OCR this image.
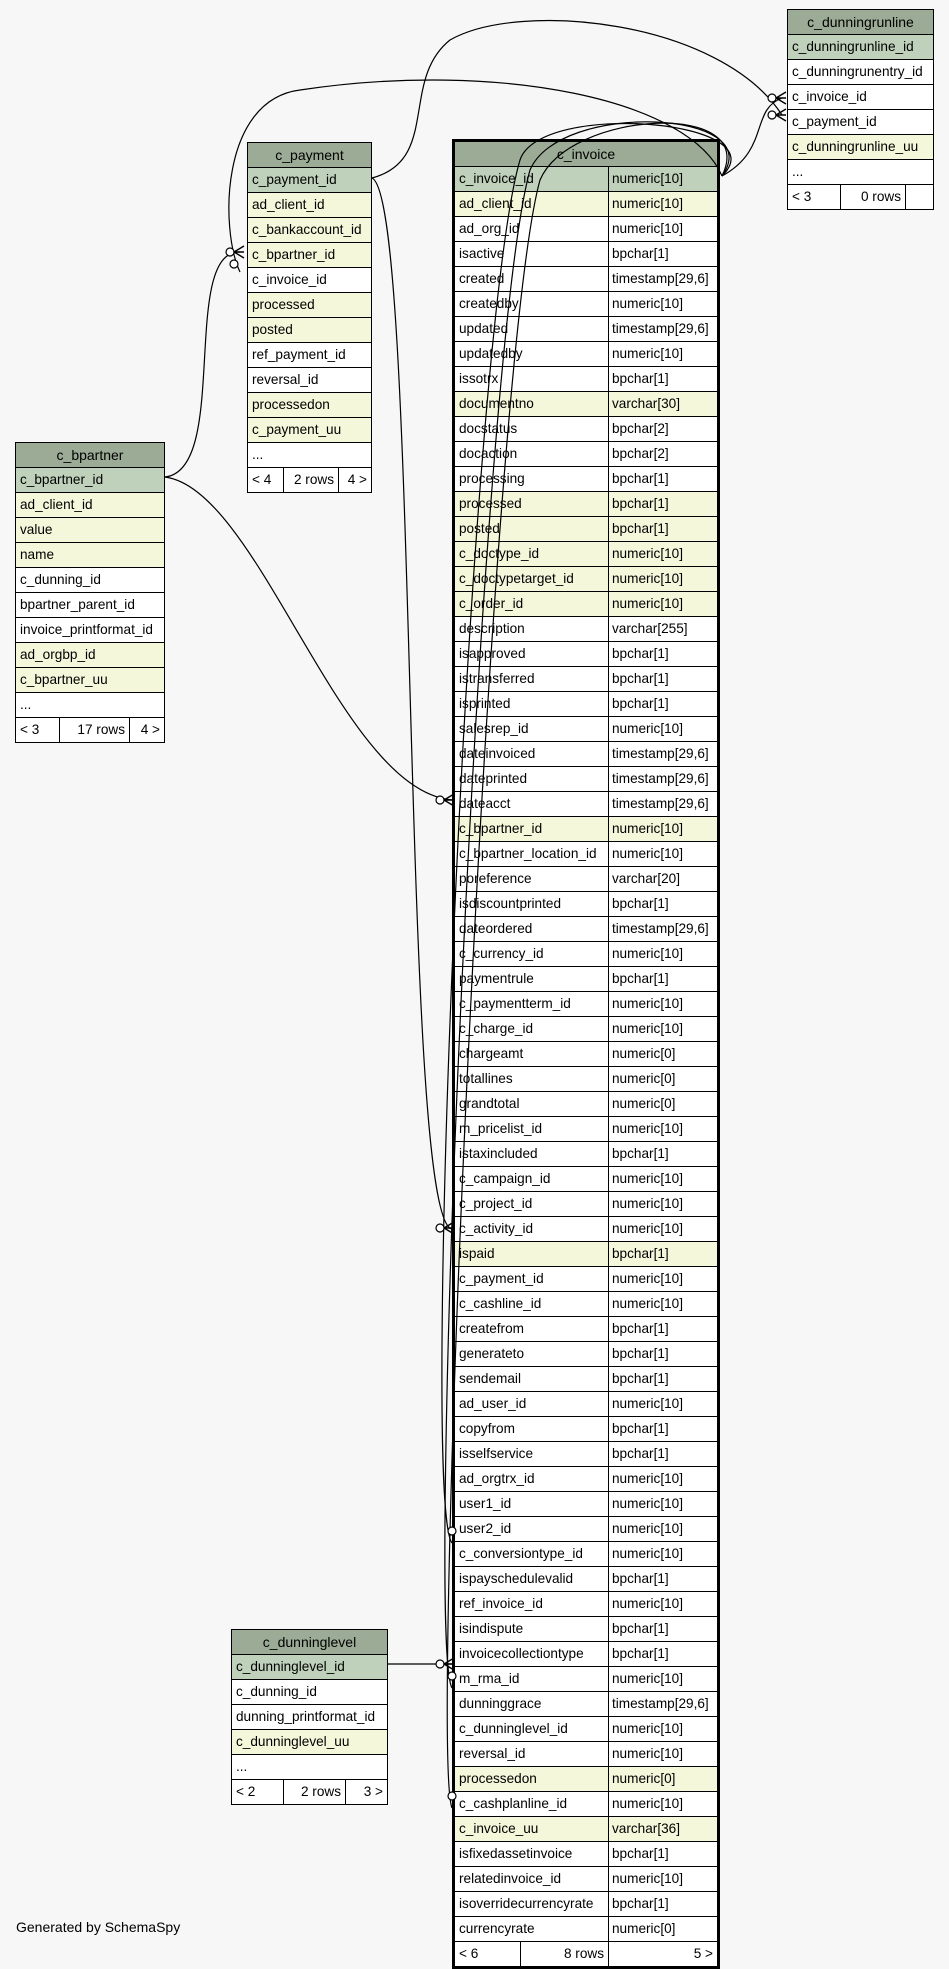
c_dunningrunline
c_dunningrunline_id
c_dunningrunentry_id
c_invoice_id
c_payment_id
c_dunningrunline_uu
...
< 3	0 rows
c_payment
c_payment_id
ad_client_id
c_bankaccount_id
c_bpartner_id
c_invoice_id
processed
posted
ref_payment_id
reversal_id
processedon
c_payment_uu
...
< 4	2 rows	4 >
c_bpartner
c_bpartner_id
ad_client_id
value
name
c_dunning_id
bpartner_parent_id
invoice_printformat_id
ad_orgbp_id
c_bpartner_uu
...
< 3	17 rows	4 >
c_dunninglevel
c_dunninglevel_id
c_dunning_id
dunning_printformat_id
c_dunninglevel_uu
...
< 2	2 rows	3 >
c_invoice
c_invoice_id	numeric[10]
ad_client_id	numeric[10]
ad_org_id	numeric[10]
isactive	bpchar[1]
created	timestamp[29,6]
createdby	numeric[10]
updated	timestamp[29,6]
updatedby	numeric[10]
issotrx	bpchar[1]
documentno	varchar[30]
docstatus	bpchar[2]
docaction	bpchar[2]
processing	bpchar[1]
processed	bpchar[1]
posted	bpchar[1]
c_doctype_id	numeric[10]
c_doctypetarget_id	numeric[10]
c_order_id	numeric[10]
description	varchar[255]
isapproved	bpchar[1]
istransferred	bpchar[1]
isprinted	bpchar[1]
salesrep_id	numeric[10]
dateinvoiced	timestamp[29,6]
dateprinted	timestamp[29,6]
dateacct	timestamp[29,6]
c_bpartner_id	numeric[10]
c_bpartner_location_id	numeric[10]
poreference	varchar[20]
isdiscountprinted	bpchar[1]
dateordered	timestamp[29,6]
c_currency_id	numeric[10]
paymentrule	bpchar[1]
c_paymentterm_id	numeric[10]
c_charge_id	numeric[10]
chargeamt	numeric[0]
totallines	numeric[0]
grandtotal	numeric[0]
m_pricelist_id	numeric[10]
istaxincluded	bpchar[1]
c_campaign_id	numeric[10]
c_project_id	numeric[10]
c_activity_id	numeric[10]
ispaid	bpchar[1]
c_payment_id	numeric[10]
c_cashline_id	numeric[10]
createfrom	bpchar[1]
generateto	bpchar[1]
sendemail	bpchar[1]
ad_user_id	numeric[10]
copyfrom	bpchar[1]
isselfservice	bpchar[1]
ad_orgtrx_id	numeric[10]
user1_id	numeric[10]
user2_id	numeric[10]
c_conversiontype_id	numeric[10]
ispayschedulevalid	bpchar[1]
ref_invoice_id	numeric[10]
isindispute	bpchar[1]
invoicecollectiontype	bpchar[1]
m_rma_id	numeric[10]
dunninggrace	timestamp[29,6]
c_dunninglevel_id	numeric[10]
reversal_id	numeric[10]
processedon	numeric[0]
c_cashplanline_id	numeric[10]
c_invoice_uu	varchar[36]
isfixedassetinvoice	bpchar[1]
relatedinvoice_id	numeric[10]
isoverridecurrencyrate	bpchar[1]
currencyrate	numeric[0]
< 6	8 rows	5 >
Generated by SchemaSpy
